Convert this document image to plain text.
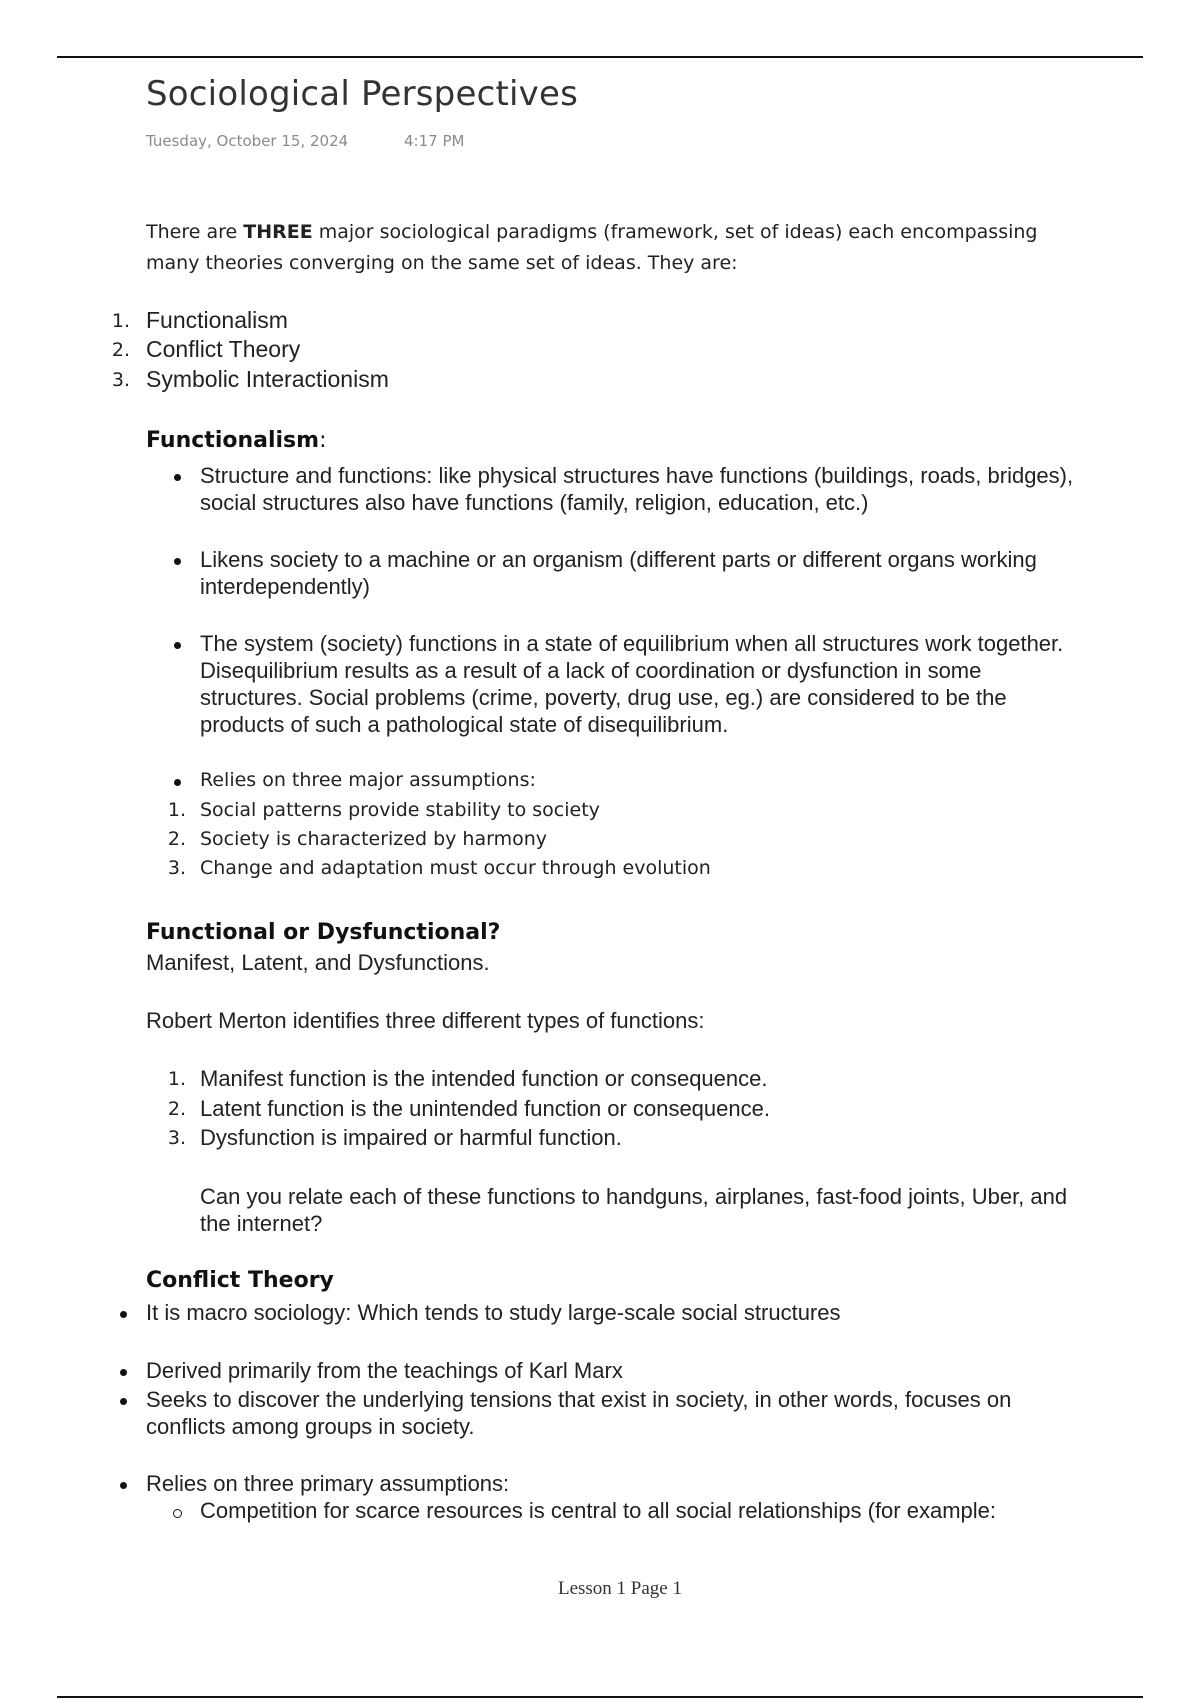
Sociological Perspectives
Tuesday, October 15, 2024	4:17 PM
There are THREE major sociological paradigms (framework, set of ideas) each encompassing many theories converging on the same set of ideas. They are:
1. Functionalism
2. Conflict Theory
3. Symbolic Interactionism
Functionalism:
Structure and functions: like physical structures have functions (buildings, roads, bridges), social structures also have functions (family, religion, education, etc.)
Likens society to a machine or an organism (different parts or different organs working interdependently)
The system (society) functions in a state of equilibrium when all structures work together. Disequilibrium results as a result of a lack of coordination or dysfunction in some structures. Social problems (crime, poverty, drug use, eg.) are considered to be the products of such a pathological state of disequilibrium.
Relies on three major assumptions:
1. Social patterns provide stability to society
2. Society is characterized by harmony
3. Change and adaptation must occur through evolution
Functional or Dysfunctional?
Manifest, Latent, and Dysfunctions.
Robert Merton identifies three different types of functions:
1. Manifest function is the intended function or consequence.
2. Latent function is the unintended function or consequence.
3. Dysfunction is impaired or harmful function.
Can you relate each of these functions to handguns, airplanes, fast-food joints, Uber, and the internet?
Conflict Theory
It is macro sociology: Which tends to study large-scale social structures
Derived primarily from the teachings of Karl Marx
Seeks to discover the underlying tensions that exist in society, in other words, focuses on conflicts among groups in society.
Relies on three primary assumptions:
Competition for scarce resources is central to all social relationships (for example:
Lesson 1 Page 1
